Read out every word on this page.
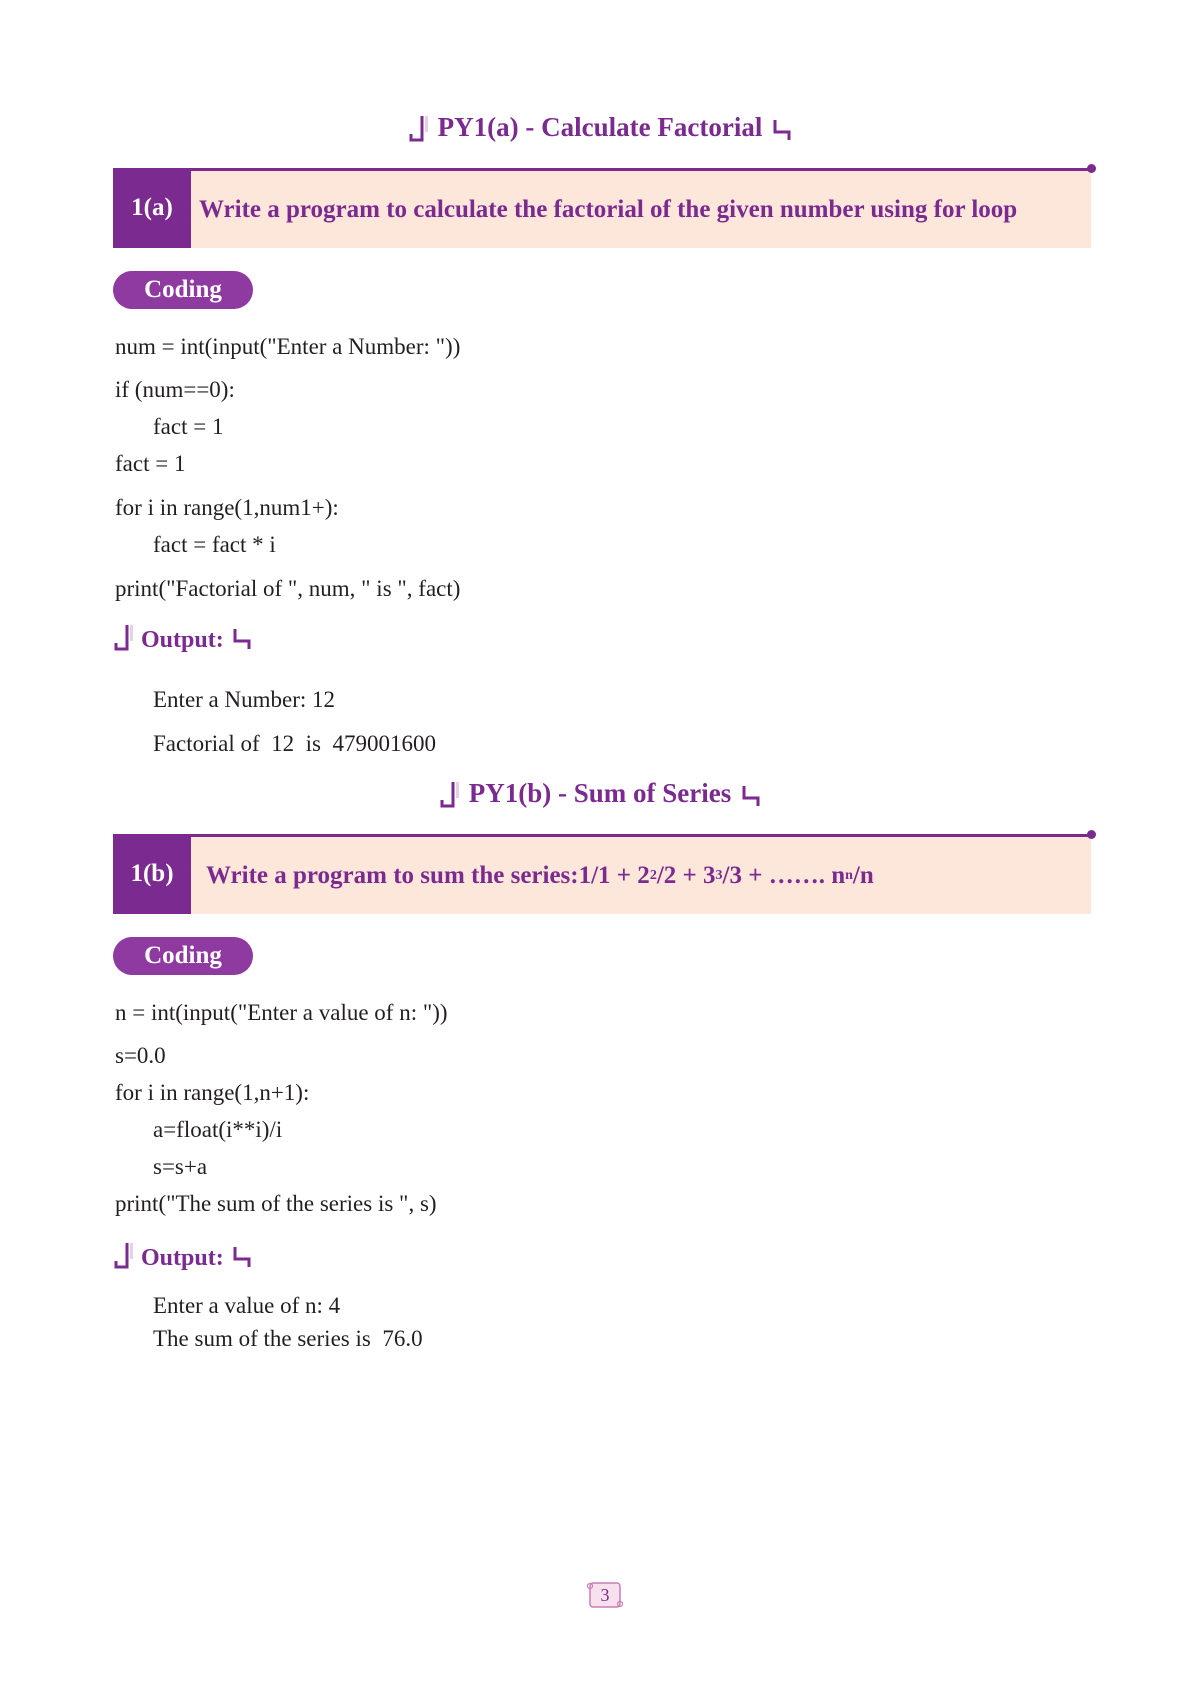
PY1(a) - Calculate Factorial
1(a)	Write a program to calculate the factorial of the given number using for loop
Coding
num = int(input("Enter a Number: "))
if (num==0):
fact = 1
fact = 1
for i in range(1,num1+):
fact = fact * i
print("Factorial of ", num, " is ", fact)
Output:
Enter a Number: 12
Factorial of  12  is  479001600
PY1(b) - Sum of Series
1(b)	Write a program to sum the series:1/1 + 2 2 /2 + 3 3 /3 + ……. n n /n
Coding
n = int(input("Enter a value of n: "))
s=0.0
for i in range(1,n+1):
a=float(i**i)/i
s=s+a
print("The sum of the series is ", s)
Output:
Enter a value of n: 4
The sum of the series is  76.0
3
